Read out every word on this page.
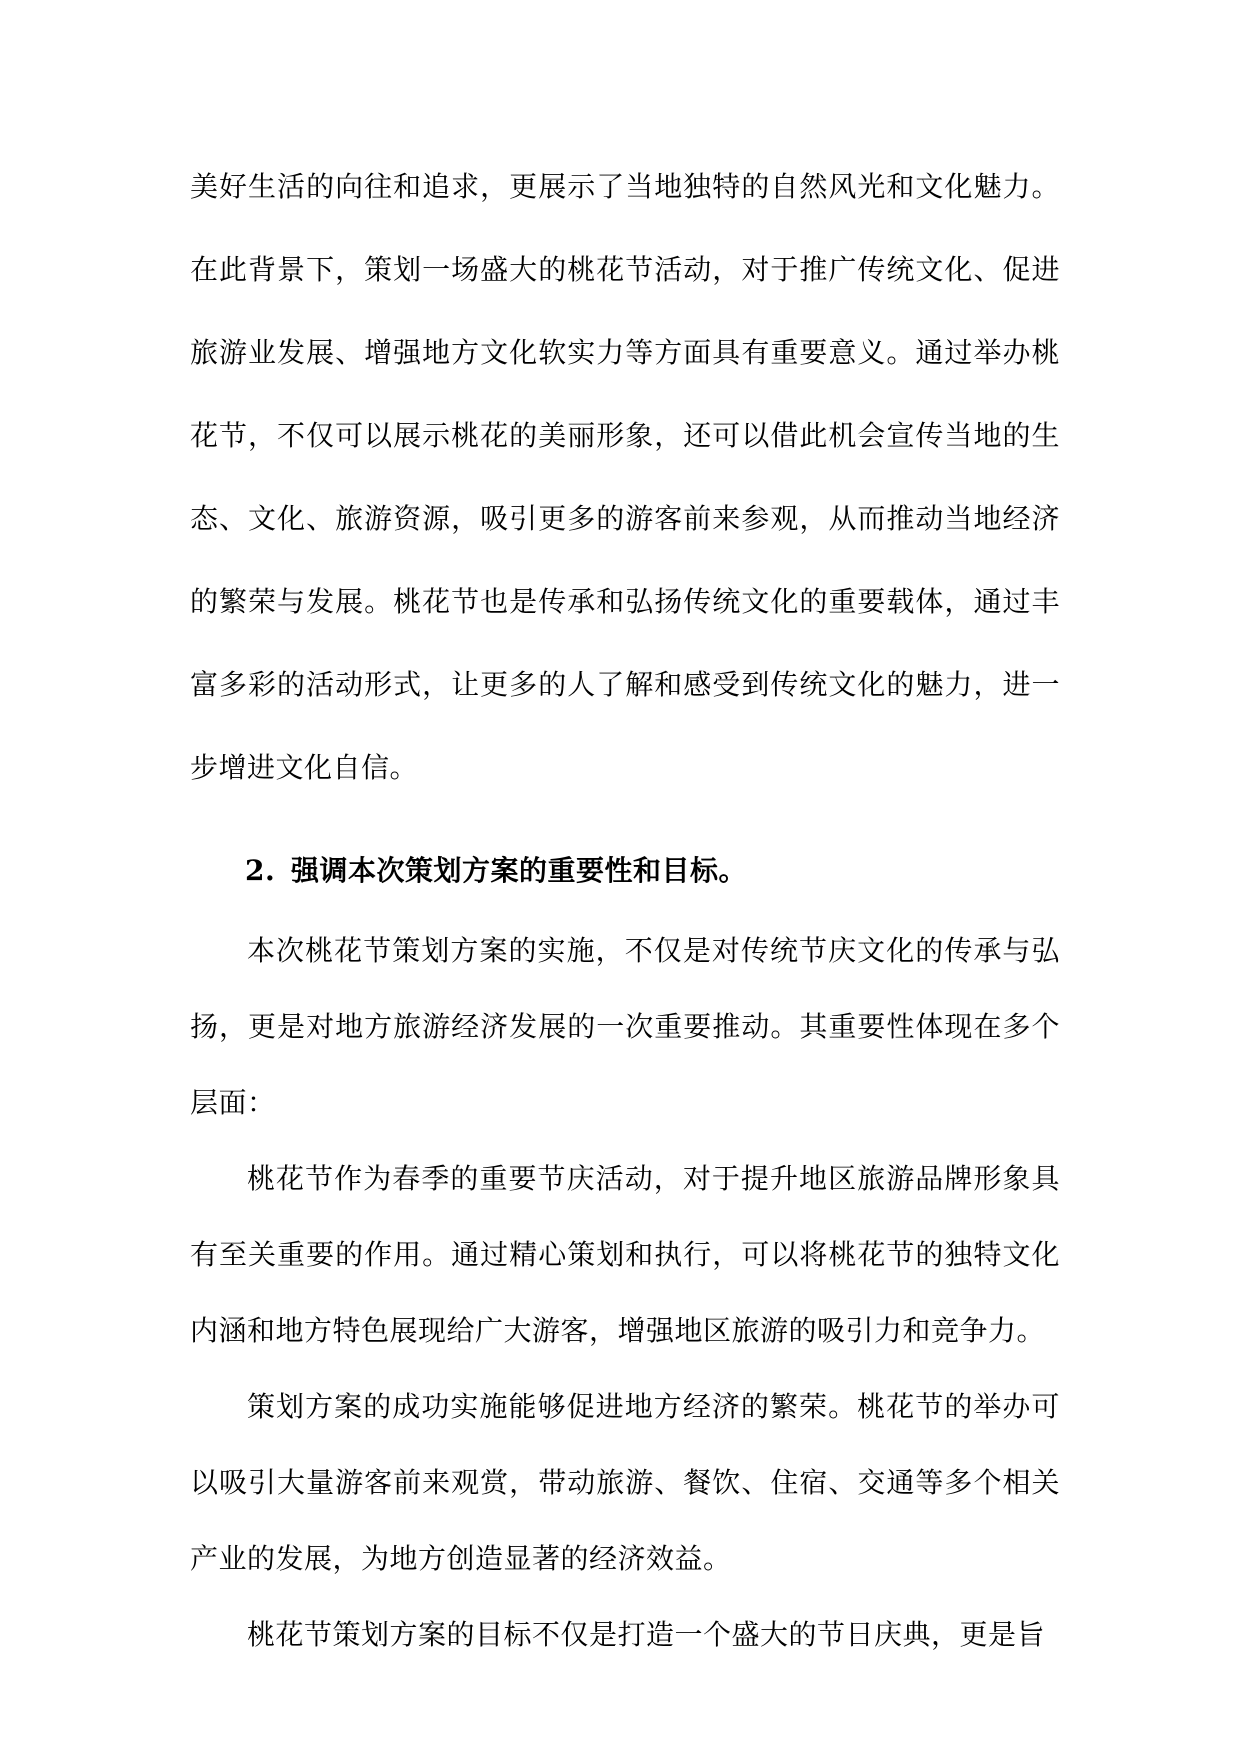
美好生活的向往和追求，更展示了当地独特的自然风光和文化魅力。在此背景下，策划一场盛大的桃花节活动，对于推广传统文化、促进旅游业发展、增强地方文化软实力等方面具有重要意义。通过举办桃花节，不仅可以展示桃花的美丽形象，还可以借此机会宣传当地的生态、文化、旅游资源，吸引更多的游客前来参观，从而推动当地经济的繁荣与发展。桃花节也是传承和弘扬传统文化的重要载体，通过丰富多彩的活动形式，让更多的人了解和感受到传统文化的魅力，进一步增进文化自信。

2. 强调本次策划方案的重要性和目标。

本次桃花节策划方案的实施，不仅是对传统节庆文化的传承与弘扬，更是对地方旅游经济发展的一次重要推动。其重要性体现在多个层面：

桃花节作为春季的重要节庆活动，对于提升地区旅游品牌形象具有至关重要的作用。通过精心策划和执行，可以将桃花节的独特文化内涵和地方特色展现给广大游客，增强地区旅游的吸引力和竞争力。

策划方案的成功实施能够促进地方经济的繁荣。桃花节的举办可以吸引大量游客前来观赏，带动旅游、餐饮、住宿、交通等多个相关产业的发展，为地方创造显著的经济效益。

桃花节策划方案的目标不仅是打造一个盛大的节日庆典，更是旨
